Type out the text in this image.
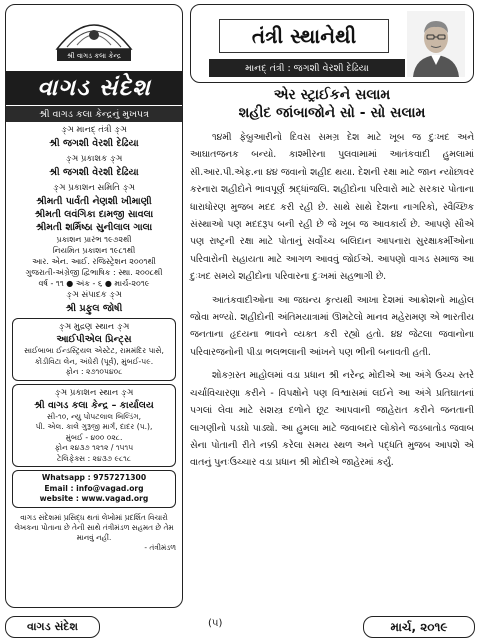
શ્રી વાગડ કલા કેન્દ્ર
વાગડ સંદેશ
શ્રી વાગડ કલા કેન્દ્રનું મુખપત્ર
ઙ્ઞ માનદ્ તંત્રી ઙ્ઞ
શ્રી જગશી વેરશી દેઢિયા
ઙ્ઞ પ્રકાશક ઙ્ઞ
શ્રી જગશી વેરશી દેઢિયા
ઙ્ઞ પ્રકાશન સમિતિ ઙ્ઞ
શ્રીમતી પાર્વતી નેણશી ખીમાણી
શ્રીમતી લવંગિકા દામજી સાવલા
શ્રીમતી શર્મિષ્ઠા સુનીલાલ ગાલા
પ્રકાશન પ્રારંભ ૧૯૭૨થી
નિયમિત પ્રકાશન ૧૯૮૧થી
આર. એન. આઈ. રજિસ્ટ્રેશન ૨૦૦૧થી
ગુજરાતી-અંગ્રેજી દ્વિભાષિક : સ્થા. ૨૦૦૮થી
વર્ષ - ૧૧ ● અંક - ૬ ● માર્ચ-૨૦૧૯
ઙ્ઞ સંપાદક ઙ્ઞ
શ્રી પ્રફુલ જોષી
ઙ્ઞ મુદ્રણ સ્થાન ઙ્ઞ
આઈપીએલ પ્રિન્ટ્સ
સાઈબાબા ઈન્ડસ્ટ્રિયલ એસ્ટેટ, રામમંદિર પાસે,
કોંડીવિટા લેન, અંધેરી (પૂર્વ), મુંબઈ-૫૯.
ફોન : ૨૭૧૦૫૪૦૮
ઙ્ઞ પ્રકાશન સ્થાન ઙ્ઞ
શ્રી વાગડ કલા કેન્દ્ર – કાર્યાલય
સી-૧૦, ન્યુ પોપટલાલ બિલ્ડિંગ,
પી. એલ. કાલે ગુરૂજી માર્ગ, દાદર (પ.),
મુંબઈ - ૪૦૦ ૦૨૮.
ફોન ૨૪૩૭ ૧૨૧૨ / ૧૫૧૫
ટેલિફેક્સ : ૨૪૩૭ ૯૮૧૮
Whatsapp : 9757271300
Email : info@vagad.org
website : www.vagad.org
વાગડ સંદેશમાં પ્રસિદ્ધ થતાં લેખોમાં પ્રદર્શિત વિચારો લેખકના પોતાના છે તેની સાથે તંત્રીમંડળ સહમત છે તેમ માનવું નહીં.
- તંત્રીમંડળ
તંત્રી સ્થાનેથી
માનદ્ તંત્રી : જગશી વેરશી દેઢિયા
એર સ્ટ્રાઈકને સલામ
શહીદ જાંબાજોને સો - સો સલામ

૧૪મી ફેબ્રુઆરીનો દિવસ સમગ્ર દેશ માટે ખૂબ જ દુઃખદ અને આઘાતજનક બન્યો. કાશ્મીરના પુલવામામાં આતંકવાદી હુમલામાં સી.આર.પી.એફ.ના ૪૪ જવાનો શહીદ થયા. દેશની રક્ષા માટે જાન ન્યોછાવર કરનારા શહીદોને ભાવપૂર્ણ શ્રદ્ધાંજલિ. શહીદોના પરિવારો માટે સરકાર પોતાના ધારાધોરણ મુજબ મદદ કરી રહી છે. સાથે સાથે દેશના નાગરિકો, સ્વૈચ્છિક સંસ્થાઓ પણ મદદરૂપ બની રહી છે જે ખૂબ જ આવકાર્ય છે. આપણે સૌએ પણ રાષ્ટ્રની રક્ષા માટે પોતાનું સર્વોચ્ચ બલિદાન આપનારા સુરક્ષાકર્મીઓના પરિવારોની સહાયતા માટે આગળ આવવું જોઈએ. આપણો વાગડ સમાજ આ દુઃખદ સમયે શહીદોના પરિવારના દુઃખમાં સહભાગી છે.

આતંકવાદીઓના આ જઘન્ય કૃત્યથી આખા દેશમાં આક્રોશનો માહોલ જોવા મળ્યો. શહીદોની અંતિમયાત્રામાં ઊમટેલો માનવ મહેરામણ એ ભારતીય જનતાના હૃદયના ભાવને વ્યક્ત કરી રહ્યો હતો. ૪૪ જેટલા જવાનોના પરિવારજનોની પીડા ભલભલાની આંખને પણ ભીની બનાવતી હતી.

શોકગ્રસ્ત માહોલમાં વડા પ્રધાન શ્રી નરેન્દ્ર મોદીએ આ અંગે ઉચ્ચ સ્તરે ચર્ચાવિચારણા કરીને - વિપક્ષોને પણ વિશ્વાસમાં લઈને આ અંગે પ્રતિઘાતનાં પગલાં લેવા માટે સશસ્ત્ર દળોને છૂટ આપવાની જાહેરાત કરીને જનતાની લાગણીનો પડઘો પાડ્યો. આ હુમલા માટે જવાબદાર લોકોને જડબાતોડ જવાબ સેના પોતાની રીતે નક્કી કરેલા સમય સ્થળ અને પદ્ધતિ મુજબ આપશે એ વાતનું પુનઃઉચ્ચાર વડા પ્રધાન શ્રી મોદીએ જાહેરમાં કર્યું.

વાગડ સંદેશ	(૫)	માર્ચ, ૨૦૧૯
